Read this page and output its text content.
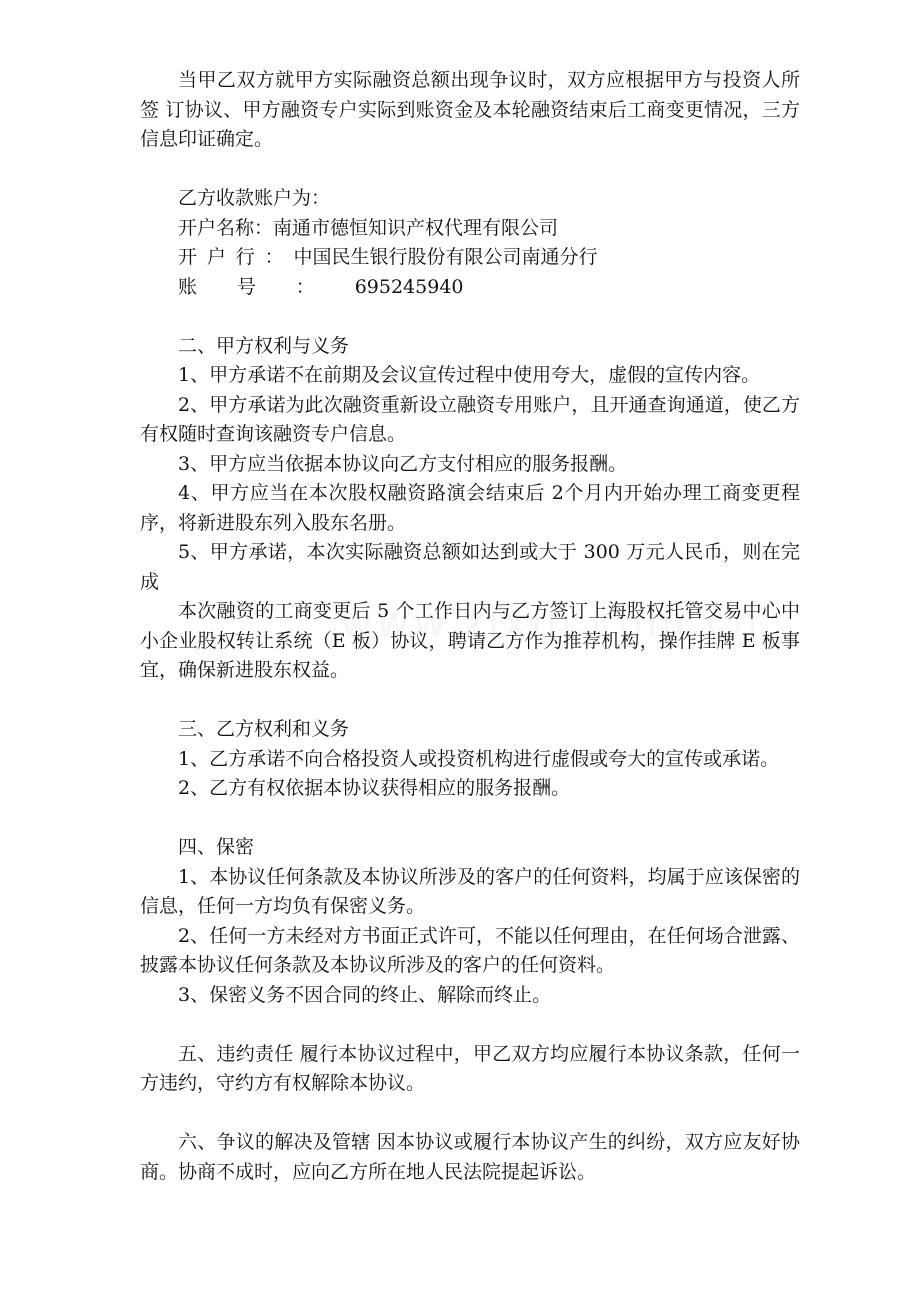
当甲乙双方就甲方实际融资总额出现争议时，双方应根据甲方与投资人所签 订协议、甲方融资专户实际到账资金及本轮融资结束后工商变更情况，三方信息印证确定。

乙方收款账户为：

开户名称：南通市德恒知识产权代理有限公司

开户行：中国民生银行股份有限公司南通分行

账号：695245940

二、甲方权利与义务

1、甲方承诺不在前期及会议宣传过程中使用夸大，虚假的宣传内容。

2、甲方承诺为此次融资重新设立融资专用账户，且开通查询通道，使乙方有权随时查询该融资专户信息。

3、甲方应当依据本协议向乙方支付相应的服务报酬。

4、甲方应当在本次股权融资路演会结束后 2个月内开始办理工商变更程序，将新进股东列入股东名册。

5、甲方承诺，本次实际融资总额如达到或大于 300 万元人民币，则在完成

本次融资的工商变更后 5 个工作日内与乙方签订上海股权托管交易中心中小企业股权转让系统（E 板）协议，聘请乙方作为推荐机构，操作挂牌 E 板事宜，确保新进股东权益。

三、乙方权利和义务

1、乙方承诺不向合格投资人或投资机构进行虚假或夸大的宣传或承诺。

2、乙方有权依据本协议获得相应的服务报酬。

四、保密

1、本协议任何条款及本协议所涉及的客户的任何资料，均属于应该保密的信息，任何一方均负有保密义务。

2、任何一方未经对方书面正式许可，不能以任何理由，在任何场合泄露、披露本协议任何条款及本协议所涉及的客户的任何资料。

3、保密义务不因合同的终止、解除而终止。

五、违约责任 履行本协议过程中，甲乙双方均应履行本协议条款，任何一方违约，守约方有权解除本协议。

六、争议的解决及管辖 因本协议或履行本协议产生的纠纷，双方应友好协商。协商不成时，应向乙方所在地人民法院提起诉讼。
